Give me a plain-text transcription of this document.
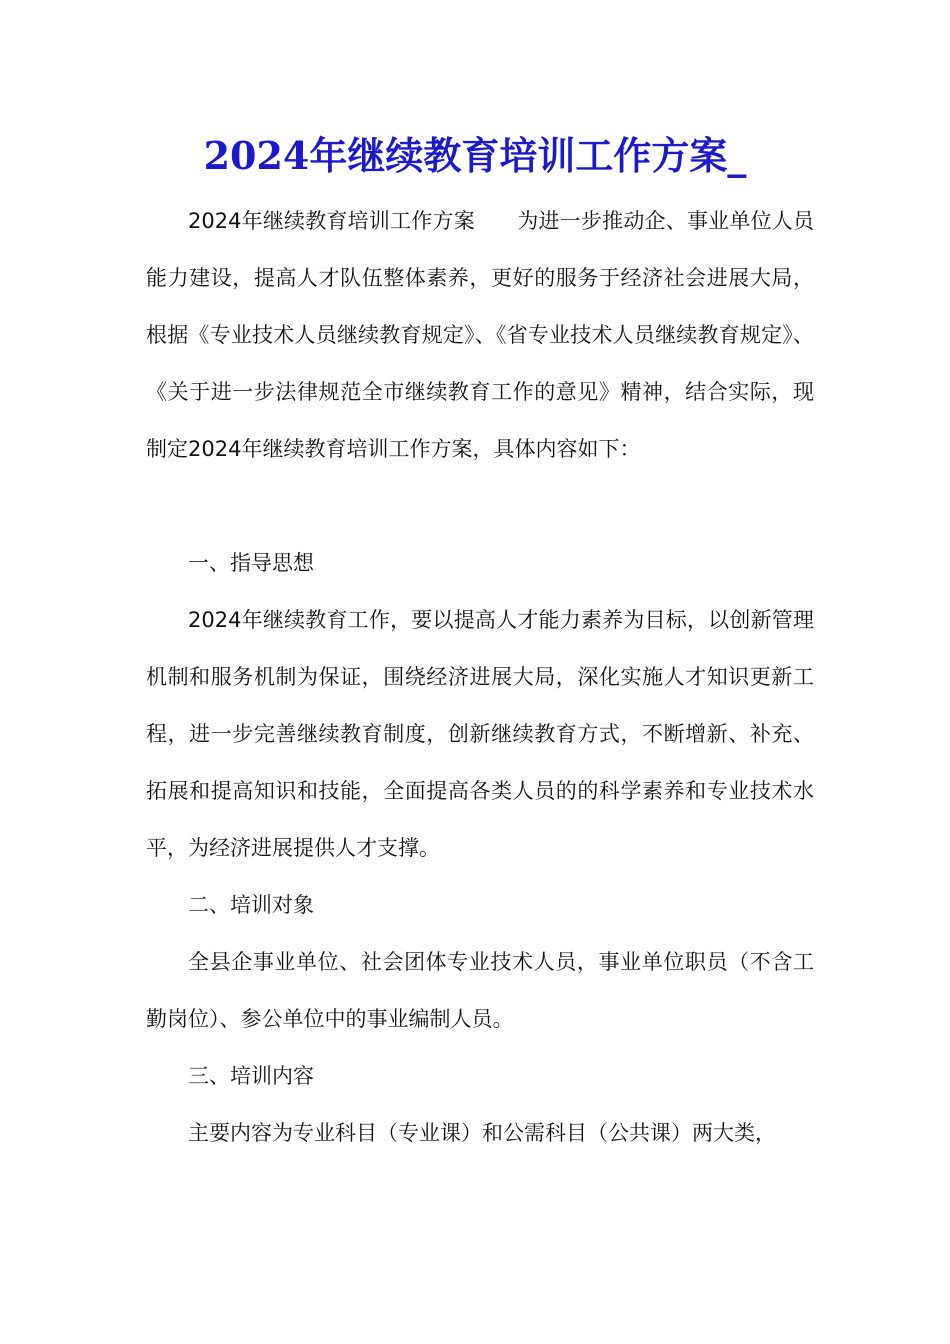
2024年继续教育培训工作方案_

2024年继续教育培训工作方案　　为进一步推动企、事业单位人员能力建设，提高人才队伍整体素养，更好的服务于经济社会进展大局，根据《专业技术人员继续教育规定》、《省专业技术人员继续教育规定》、《关于进一步法律规范全市继续教育工作的意见》精神，结合实际，现制定2024年继续教育培训工作方案，具体内容如下：

一、指导思想

2024年继续教育工作，要以提高人才能力素养为目标，以创新管理机制和服务机制为保证，围绕经济进展大局，深化实施人才知识更新工程，进一步完善继续教育制度，创新继续教育方式，不断增新、补充、拓展和提高知识和技能，全面提高各类人员的的科学素养和专业技术水平，为经济进展提供人才支撑。

二、培训对象

全县企事业单位、社会团体专业技术人员，事业单位职员（不含工勤岗位）、参公单位中的事业编制人员。

三、培训内容

主要内容为专业科目（专业课）和公需科目（公共课）两大类，
